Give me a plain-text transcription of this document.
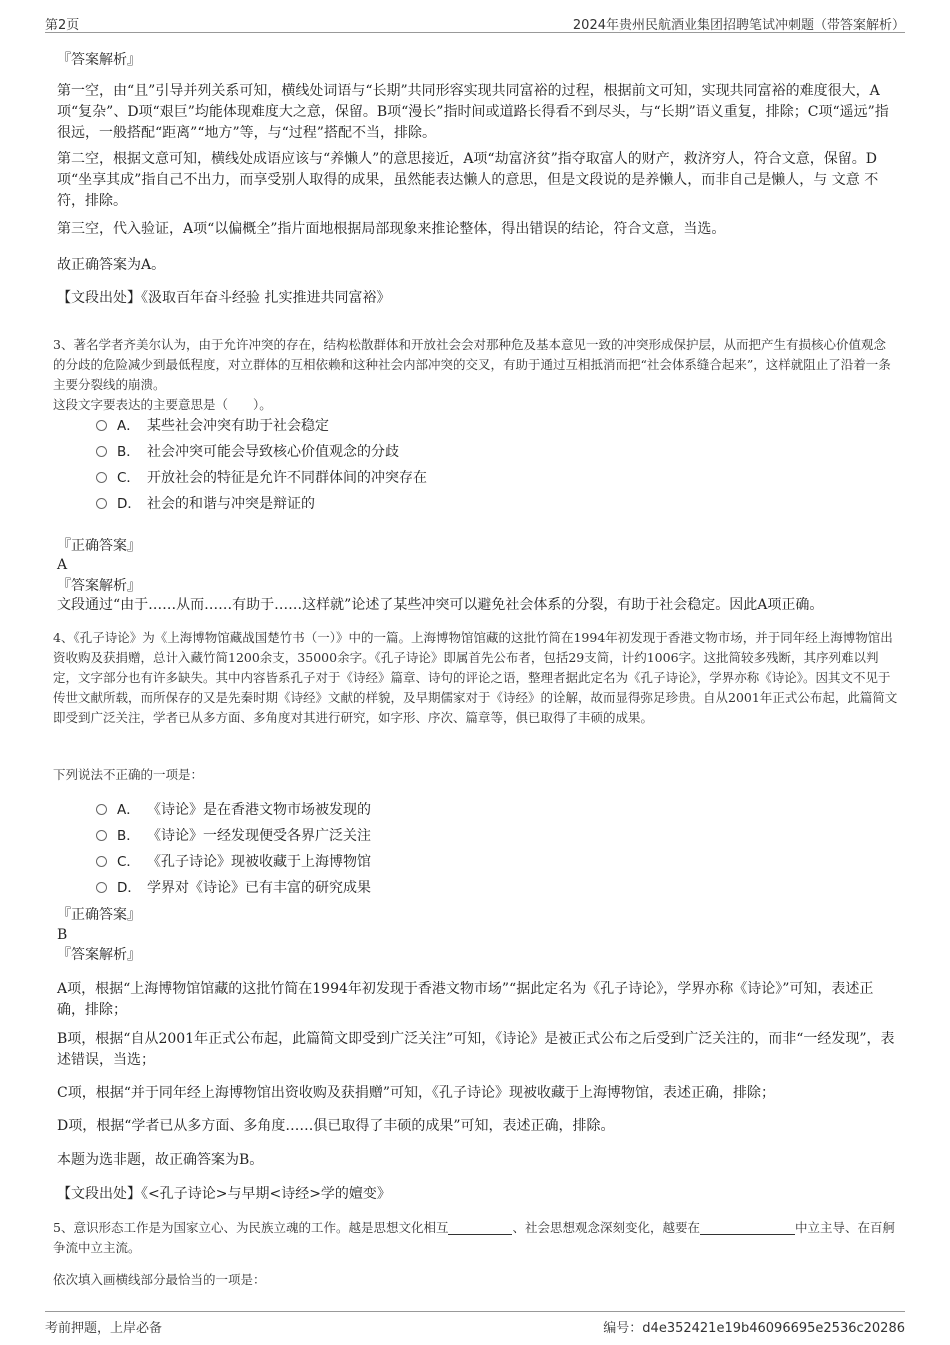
第2页	2024年贵州民航酒业集团招聘笔试冲刺题（带答案解析）
『答案解析』
第一空，由“且”引导并列关系可知，横线处词语与“长期”共同形容实现共同富裕的过程，根据前文可知，实现共同富裕的难度很大，A项“复杂”、D项“艰巨”均能体现难度大之意，保留。B项“漫长”指时间或道路长得看不到尽头，与“长期”语义重复，排除；C项“遥远”指很远，一般搭配“距离”“地方”等，与“过程”搭配不当，排除。
第二空，根据文意可知，横线处成语应该与“养懒人”的意思接近，A项“劫富济贫”指夺取富人的财产，救济穷人，符合文意，保留。D项“坐享其成”指自己不出力，而享受别人取得的成果，虽然能表达懒人的意思，但是文段说的是养懒人，而非自己是懒人，与 文意 不符，排除。
第三空，代入验证，A项“以偏概全”指片面地根据局部现象来推论整体，得出错误的结论，符合文意，当选。
故正确答案为A。
【文段出处】《汲取百年奋斗经验 扎实推进共同富裕》
3、著名学者齐美尔认为，由于允许冲突的存在，结构松散群体和开放社会会对那种危及基本意见一致的冲突形成保护层，从而把产生有损核心价值观念的分歧的危险减少到最低程度，对立群体的互相依赖和这种社会内部冲突的交叉，有助于通过互相抵消而把“社会体系缝合起来”，这样就阻止了沿着一条主要分裂线的崩溃。
这段文字要表达的主要意思是（　　）。
A． 某些社会冲突有助于社会稳定
B． 社会冲突可能会导致核心价值观念的分歧
C． 开放社会的特征是允许不同群体间的冲突存在
D． 社会的和谐与冲突是辩证的
『正确答案』
A
『答案解析』
文段通过“由于……从而……有助于……这样就”论述了某些冲突可以避免社会体系的分裂，有助于社会稳定。因此A项正确。
4、《孔子诗论》为《上海博物馆藏战国楚竹书（一）》中的一篇。上海博物馆馆藏的这批竹简在1994年初发现于香港文物市场，并于同年经上海博物馆出资收购及获捐赠，总计入藏竹简1200余支，35000余字。《孔子诗论》即属首先公布者，包括29支简，计约1006字。这批简较多残断，其序列难以判定，文字部分也有许多缺失。其中内容皆系孔子对于《诗经》篇章、诗句的评论之语，整理者据此定名为《孔子诗论》，学界亦称《诗论》。因其文不见于传世文献所载，而所保存的又是先秦时期《诗经》文献的样貌，及早期儒家对于《诗经》的诠解，故而显得弥足珍贵。自从2001年正式公布起，此篇简文即受到广泛关注，学者已从多方面、多角度对其进行研究，如字形、序次、篇章等，俱已取得了丰硕的成果。
下列说法不正确的一项是：
A． 《诗论》是在香港文物市场被发现的
B． 《诗论》一经发现便受各界广泛关注
C． 《孔子诗论》现被收藏于上海博物馆
D． 学界对《诗论》已有丰富的研究成果
『正确答案』
B
『答案解析』
A项，根据“上海博物馆馆藏的这批竹简在1994年初发现于香港文物市场”“据此定名为《孔子诗论》，学界亦称《诗论》”可知，表述正确，排除；
B项，根据“自从2001年正式公布起，此篇简文即受到广泛关注”可知，《诗论》是被正式公布之后受到广泛关注的，而非“一经发现”，表述错误，当选；
C项，根据“并于同年经上海博物馆出资收购及获捐赠”可知，《孔子诗论》现被收藏于上海博物馆，表述正确，排除；
D项，根据“学者已从多方面、多角度……俱已取得了丰硕的成果”可知，表述正确，排除。
本题为选非题，故正确答案为B。
【文段出处】《<孔子诗论>与早期<诗经>学的嬗变》
5、意识形态工作是为国家立心、为民族立魂的工作。越是思想文化相互	、社会思想观念深刻变化，越要在	中立主导、在百舸争流中立主流。
依次填入画横线部分最恰当的一项是：
考前押题，上岸必备	编号：d4e352421e19b46096695e2536c20286
